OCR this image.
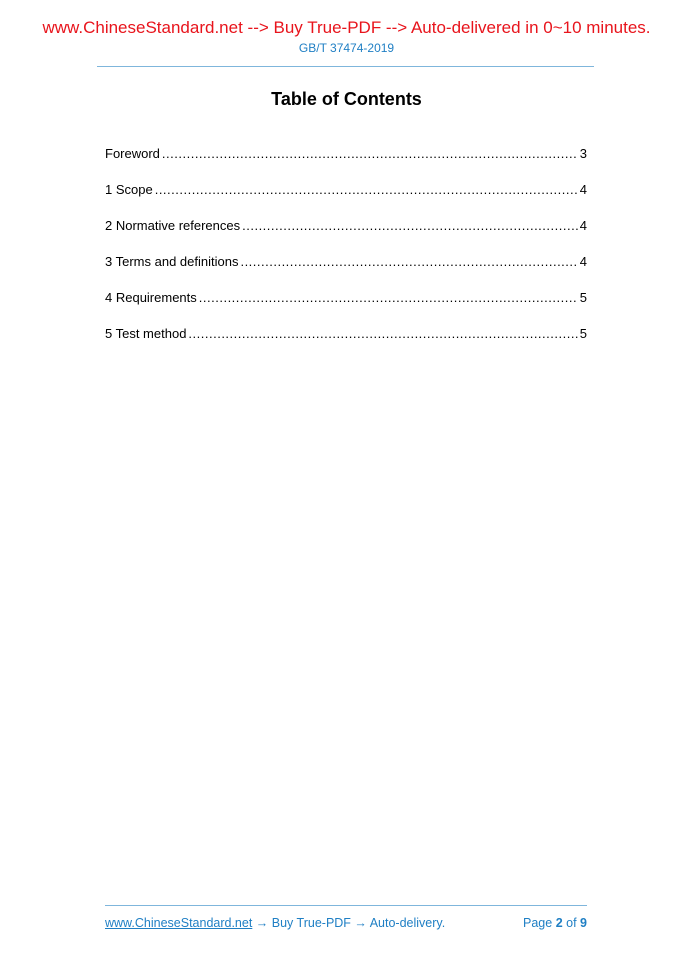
www.ChineseStandard.net --> Buy True-PDF --> Auto-delivered in 0~10 minutes.
GB/T 37474-2019
Table of Contents
Foreword .....	3
1 Scope .....	4
2 Normative references .....	4
3 Terms and definitions .....	4
4 Requirements .....	5
5 Test method .....	5
www.ChineseStandard.net → Buy True-PDF → Auto-delivery.	Page 2 of 9
